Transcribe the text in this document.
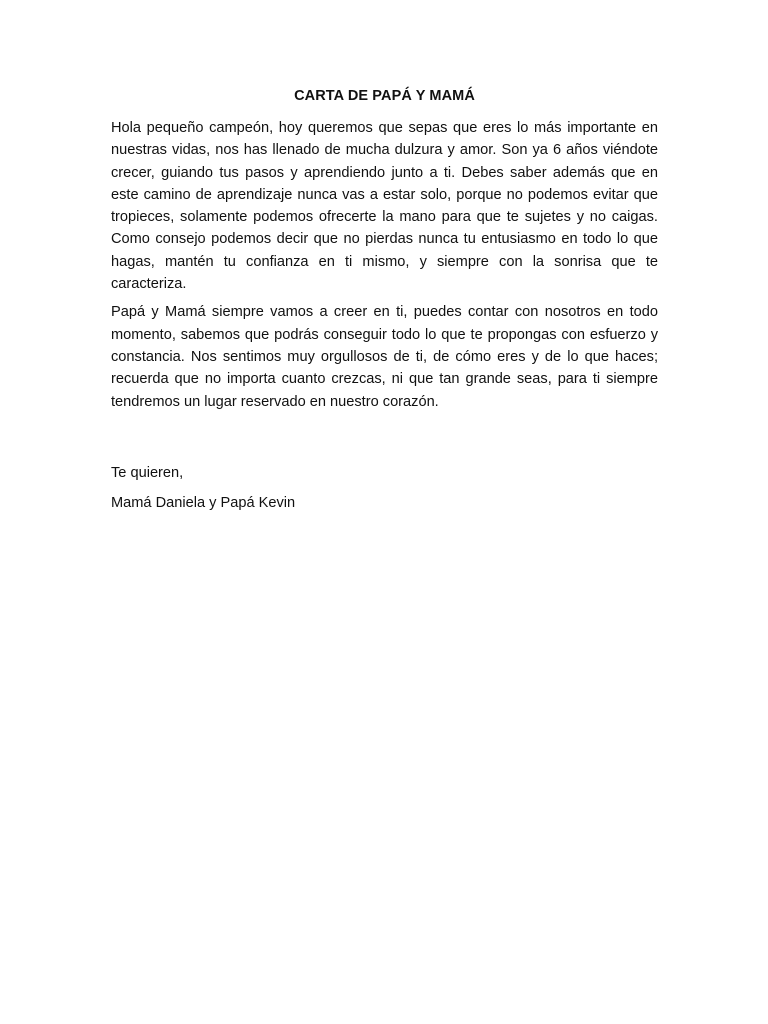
CARTA DE PAPÁ Y MAMÁ

Hola pequeño campeón, hoy queremos que sepas que eres lo más importante en nuestras vidas, nos has llenado de mucha dulzura y amor. Son ya 6 años viéndote crecer, guiando tus pasos y aprendiendo junto a ti. Debes saber además que en este camino de aprendizaje nunca vas a estar solo, porque no podemos evitar que tropieces, solamente podemos ofrecerte la mano para que te sujetes y no caigas. Como consejo podemos decir que no pierdas nunca tu entusiasmo en todo lo que hagas, mantén tu confianza en ti mismo, y siempre con la sonrisa que te caracteriza.

Papá y Mamá siempre vamos a creer en ti, puedes contar con nosotros en todo momento, sabemos que podrás conseguir todo lo que te propongas con esfuerzo y constancia. Nos sentimos muy orgullosos de ti, de cómo eres y de lo que haces; recuerda que no importa cuanto crezcas, ni que tan grande seas, para ti siempre tendremos un lugar reservado en nuestro corazón.

Te quieren,

Mamá Daniela y Papá Kevin
